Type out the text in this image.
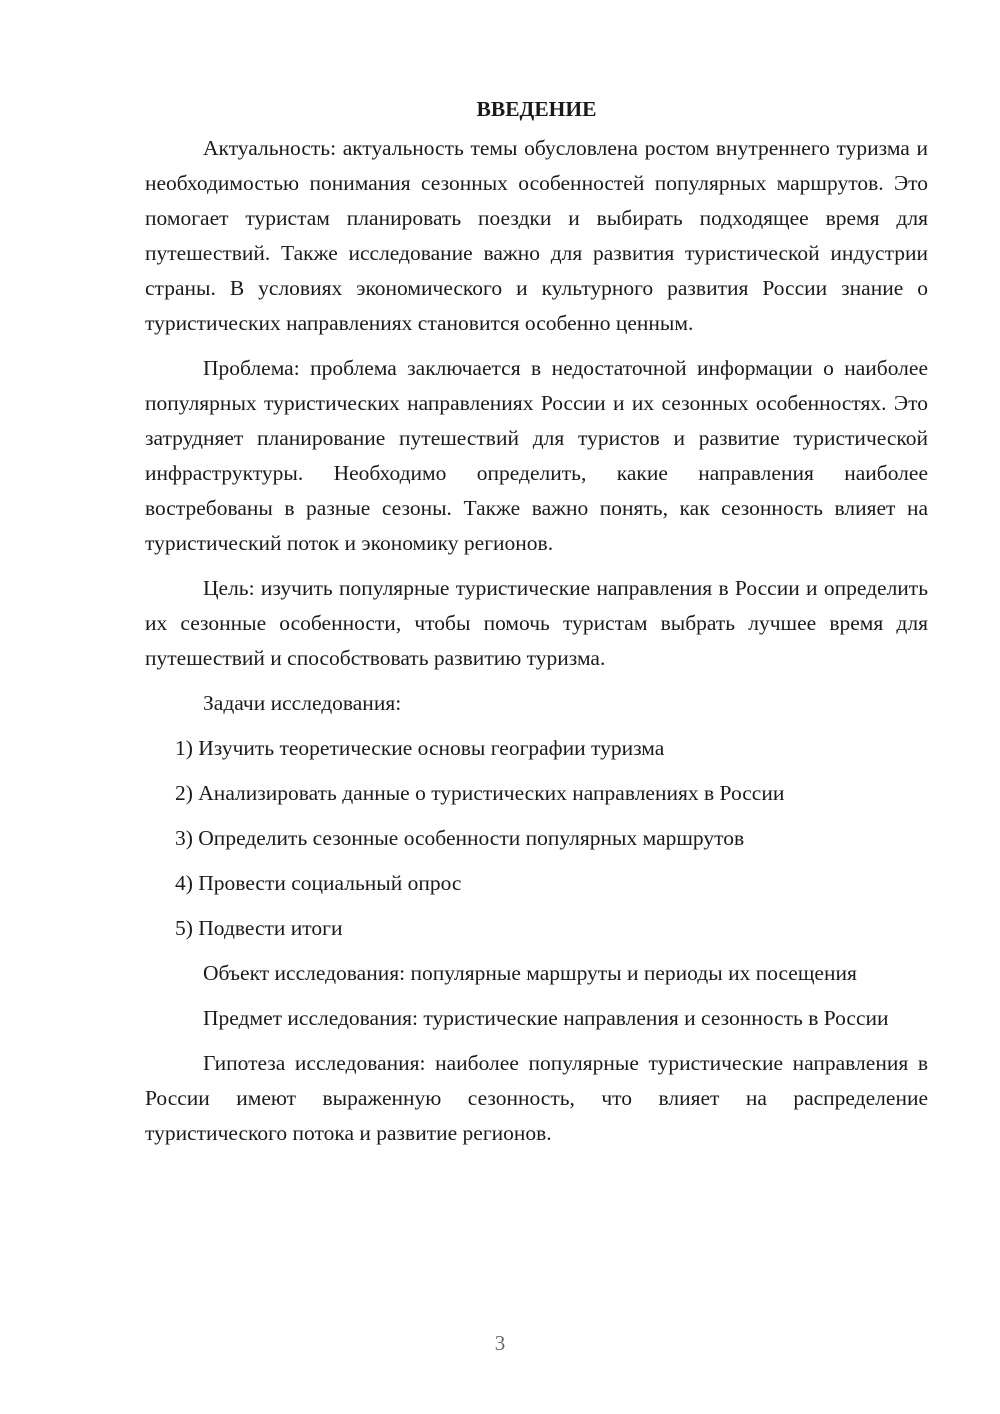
ВВЕДЕНИЕ

Актуальность: актуальность темы обусловлена ростом внутреннего туризма и необходимостью понимания сезонных особенностей популярных маршрутов. Это помогает туристам планировать поездки и выбирать подходящее время для путешествий. Также исследование важно для развития туристической индустрии страны. В условиях экономического и культурного развития России знание о туристических направлениях становится особенно ценным.

Проблема: проблема заключается в недостаточной информации о наиболее популярных туристических направлениях России и их сезонных особенностях. Это затрудняет планирование путешествий для туристов и развитие туристической инфраструктуры. Необходимо определить, какие направления наиболее востребованы в разные сезоны. Также важно понять, как сезонность влияет на туристический поток и экономику регионов.

Цель: изучить популярные туристические направления в России и определить их сезонные особенности, чтобы помочь туристам выбрать лучшее время для путешествий и способствовать развитию туризма.

Задачи исследования:

1) Изучить теоретические основы географии туризма

2) Анализировать данные о туристических направлениях в России

3) Определить сезонные особенности популярных маршрутов

4) Провести социальный опрос

5) Подвести итоги

Объект исследования: популярные маршруты и периоды их посещения

Предмет исследования: туристические направления и сезонность в России

Гипотеза исследования: наиболее популярные туристические направления в России имеют выраженную сезонность, что влияет на распределение туристического потока и развитие регионов.

3
